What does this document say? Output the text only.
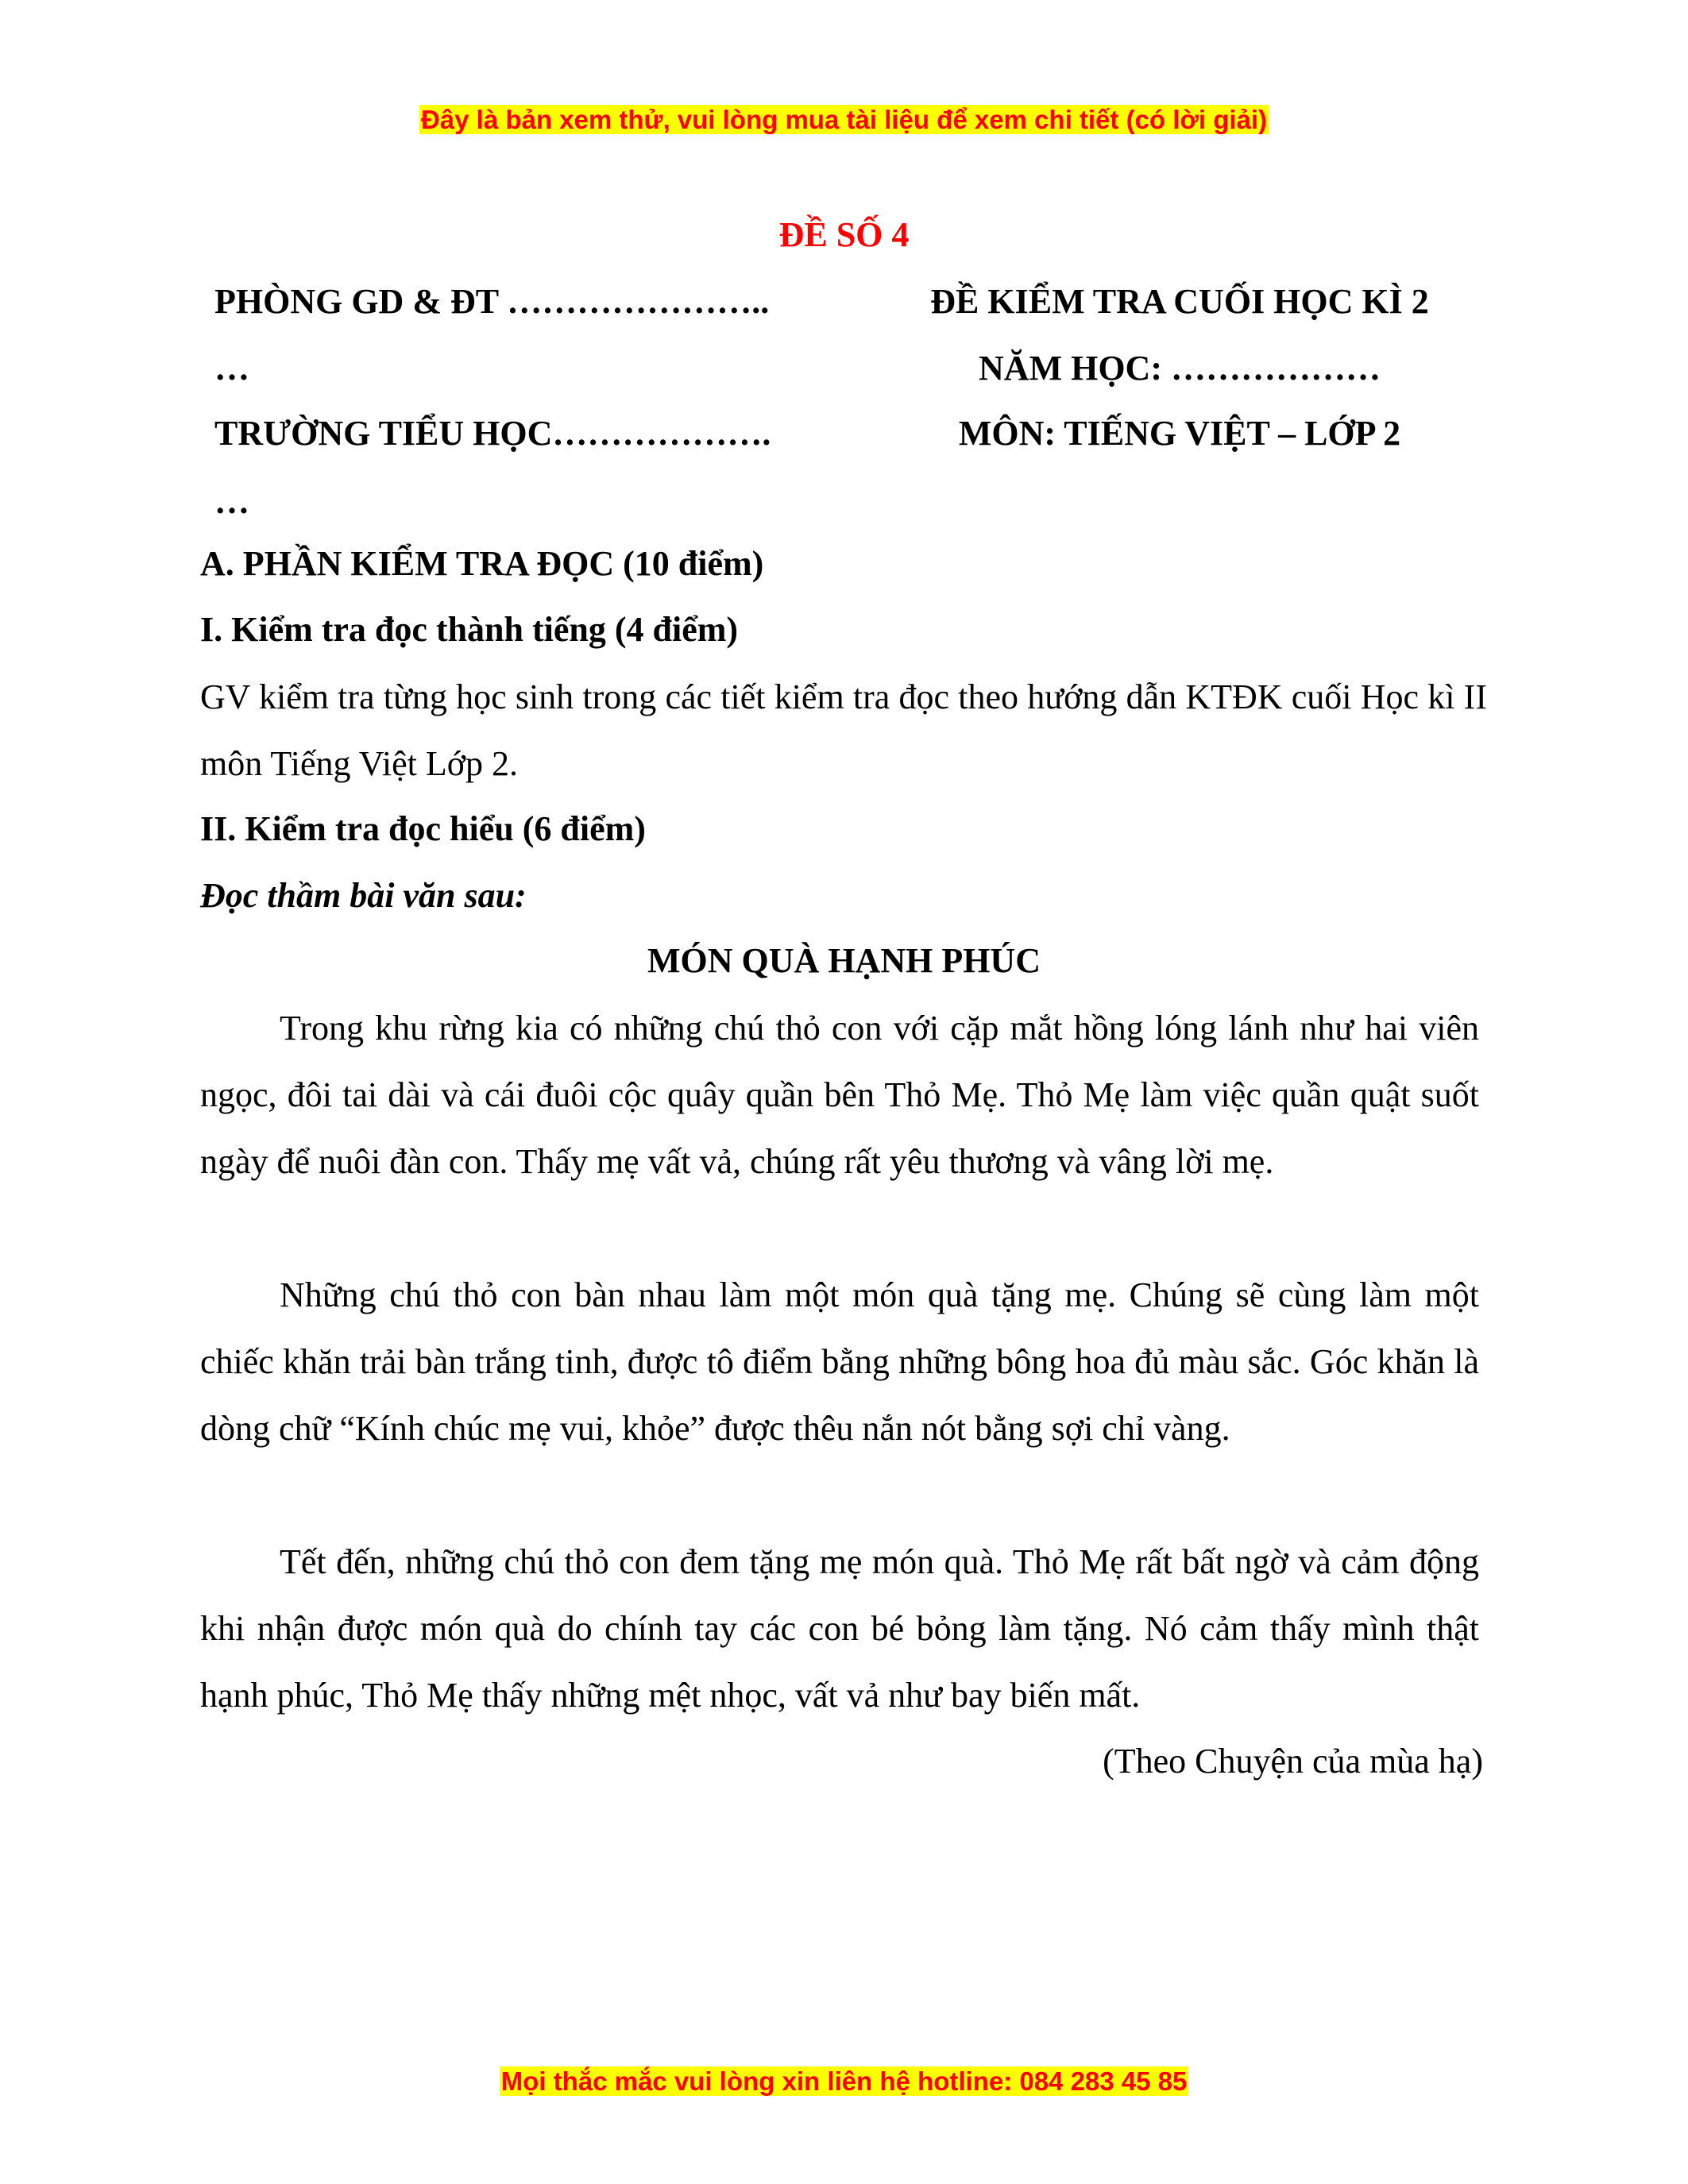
Đây là bản xem thử, vui lòng mua tài liệu để xem chi tiết (có lời giải)
ĐỀ SỐ 4
PHÒNG GD & ĐT …………………..
…
TRƯỜNG TIỂU HỌC……………….
…
ĐỀ KIỂM TRA CUỐI HỌC KÌ 2
NĂM HỌC: ………………
MÔN: TIẾNG VIỆT – LỚP 2
A. PHẦN KIỂM TRA ĐỌC (10 điểm)
I. Kiểm tra đọc thành tiếng (4 điểm)
GV kiểm tra từng học sinh trong các tiết kiểm tra đọc theo hướng dẫn KTĐK cuối Học kì II môn Tiếng Việt Lớp 2.
II. Kiểm tra đọc hiểu (6 điểm)
Đọc thầm bài văn sau:
MÓN QUÀ HẠNH PHÚC
Trong khu rừng kia có những chú thỏ con với cặp mắt hồng lóng lánh như hai viên ngọc, đôi tai dài và cái đuôi cộc quây quần bên Thỏ Mẹ. Thỏ Mẹ làm việc quần quật suốt ngày để nuôi đàn con. Thấy mẹ vất vả, chúng rất yêu thương và vâng lời mẹ.
Những chú thỏ con bàn nhau làm một món quà tặng mẹ. Chúng sẽ cùng làm một chiếc khăn trải bàn trắng tinh, được tô điểm bằng những bông hoa đủ màu sắc. Góc khăn là dòng chữ “Kính chúc mẹ vui, khỏe” được thêu nắn nót bằng sợi chỉ vàng.
Tết đến, những chú thỏ con đem tặng mẹ món quà. Thỏ Mẹ rất bất ngờ và cảm động khi nhận được món quà do chính tay các con bé bỏng làm tặng. Nó cảm thấy mình thật hạnh phúc, Thỏ Mẹ thấy những mệt nhọc, vất vả như bay biến mất.
(Theo Chuyện của mùa hạ)
Mọi thắc mắc vui lòng xin liên hệ hotline: 084 283 45 85
